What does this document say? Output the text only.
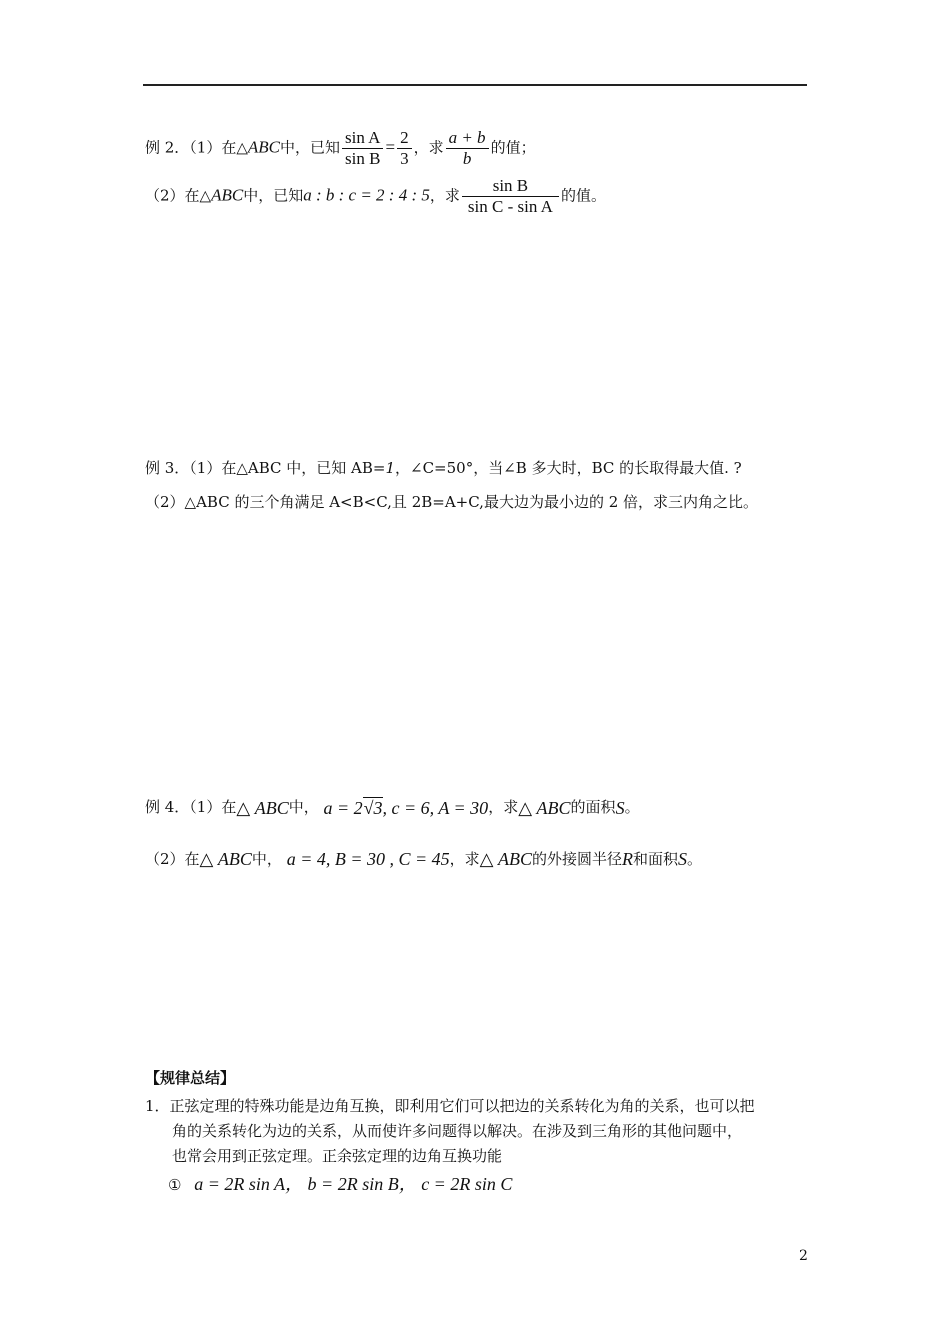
例 2．（1）在△ABC中，已知 $\frac{\text{sin A}}{\text{sin B}} = \frac{2}{3}$ ，求 $\frac{a + b}{b}$ 的值；
（2）在△ABC中，已知a : b : c = 2 : 4 : 5，求 $\frac{\text{sin B}}{\text{sin C - sin A}}$ 的值。
例 3．（1）在△ABC 中，已知 AB=1，∠C=50°，当∠B 多大时，BC 的长取得最大值. ?
（2）△ABC 的三个角满足 A<B<C,且 2B=A+C,最大边为最小边的 2 倍，求三内角之比。
例 4．（1）在△ ABC中， a = 2√3, c = 6, A = 30，求△ ABC的面积S。
（2）在△ ABC中， a = 4, B = 30 , C = 45，求△ ABC的外接圆半径R和面积S。
【规律总结】
1．正弦定理的特殊功能是边角互换，即利用它们可以把边的关系转化为角的关系，也可以把
角的关系转化为边的关系，从而使许多问题得以解决。在涉及到三角形的其他问题中，
也常会用到正弦定理。正余弦定理的边角互换功能
① a = 2R sin A， b = 2R sin B， c = 2R sin C
2
